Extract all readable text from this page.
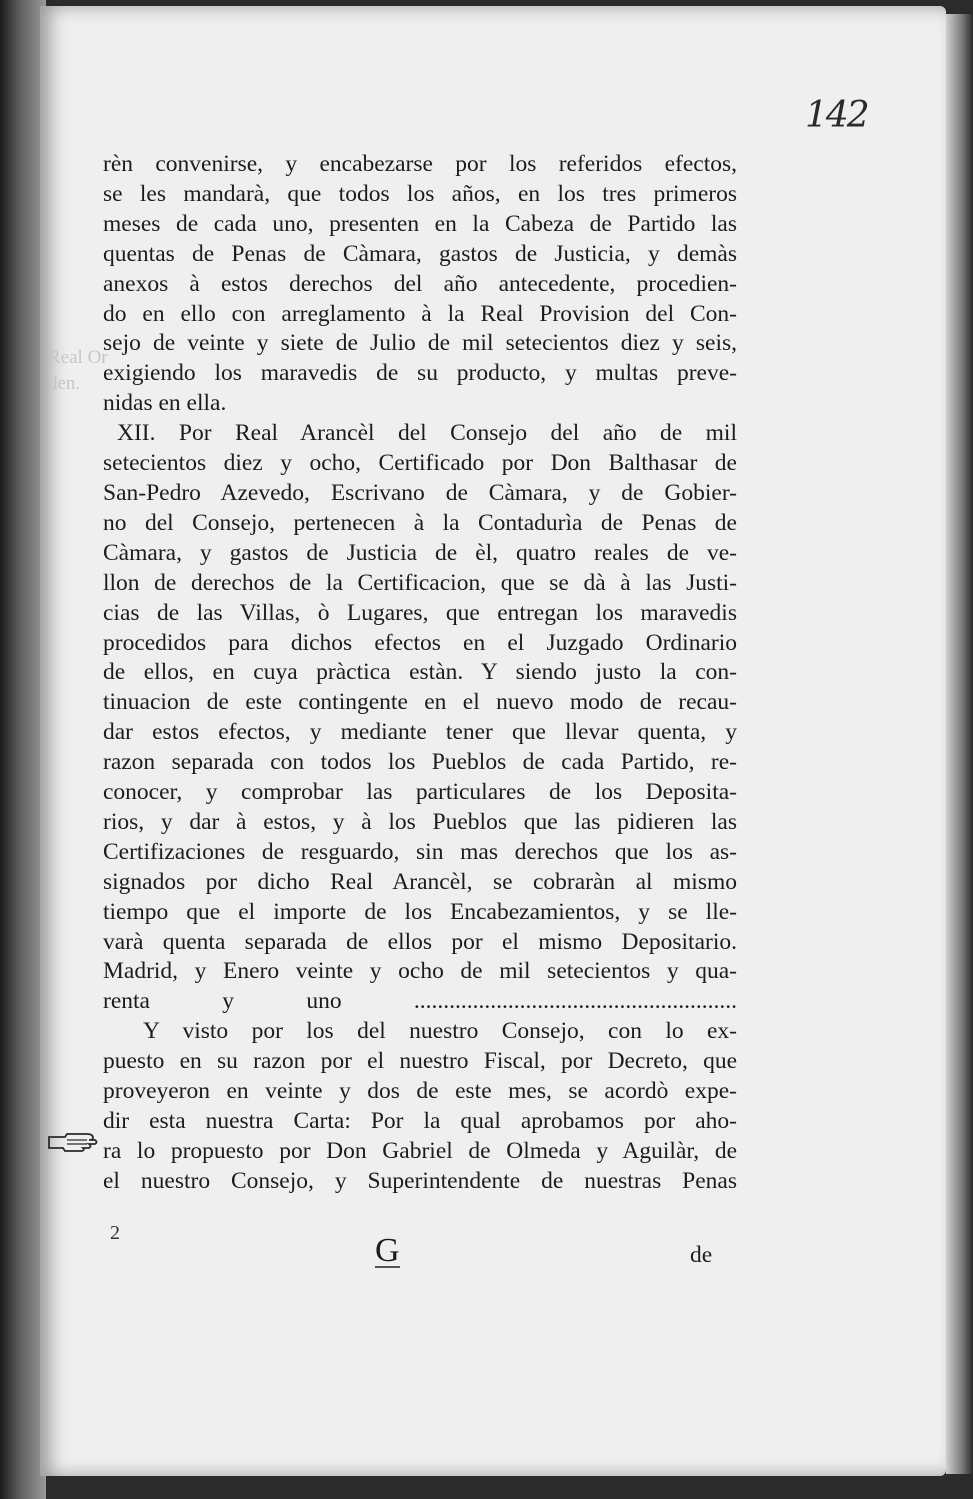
142
Real Or
den.
rèn convenirse, y encabezarse por los referidos efectos,
se les mandarà, que todos los años, en los tres primeros
meses de cada uno, presenten en la Cabeza de Partido las
quentas de Penas de Càmara, gastos de Justicia, y demàs
anexos à estos derechos del año antecedente, procedien-
do en ello con arreglamento à la Real Provision del Con-
sejo de veinte y siete de Julio de mil setecientos diez y seis,
exigiendo los maravedis de su producto, y multas preve-
nidas en ella.
XII. Por Real Arancèl del Consejo del año de mil
setecientos diez y ocho, Certificado por Don Balthasar de
San-Pedro Azevedo, Escrivano de Càmara, y de Gobier-
no del Consejo, pertenecen à la Contadurìa de Penas de
Càmara, y gastos de Justicia de èl, quatro reales de ve-
llon de derechos de la Certificacion, que se dà à las Justi-
cias de las Villas, ò Lugares, que entregan los maravedis
procedidos para dichos efectos en el Juzgado Ordinario
de ellos, en cuya pràctica estàn. Y siendo justo la con-
tinuacion de este contingente en el nuevo modo de recau-
dar estos efectos, y mediante tener que llevar quenta, y
razon separada con todos los Pueblos de cada Partido, re-
conocer, y comprobar las particulares de los Deposita-
rios, y dar à estos, y à los Pueblos que las pidieren las
Certifizaciones de resguardo, sin mas derechos que los as-
signados por dicho Real Arancèl, se cobraràn al mismo
tiempo que el importe de los Encabezamientos, y se lle-
varà quenta separada de ellos por el mismo Depositario.
Madrid, y Enero veinte y ocho de mil setecientos y qua-
renta y uno .......................................................
Y visto por los del nuestro Consejo, con lo ex-
puesto en su razon por el nuestro Fiscal, por Decreto, que
proveyeron en veinte y dos de este mes, se acordò expe-
dir esta nuestra Carta: Por la qual aprobamos por aho-
ra lo propuesto por Don Gabriel de Olmeda y Aguilàr, de
el nuestro Consejo, y Superintendente de nuestras Penas
2	G	de
